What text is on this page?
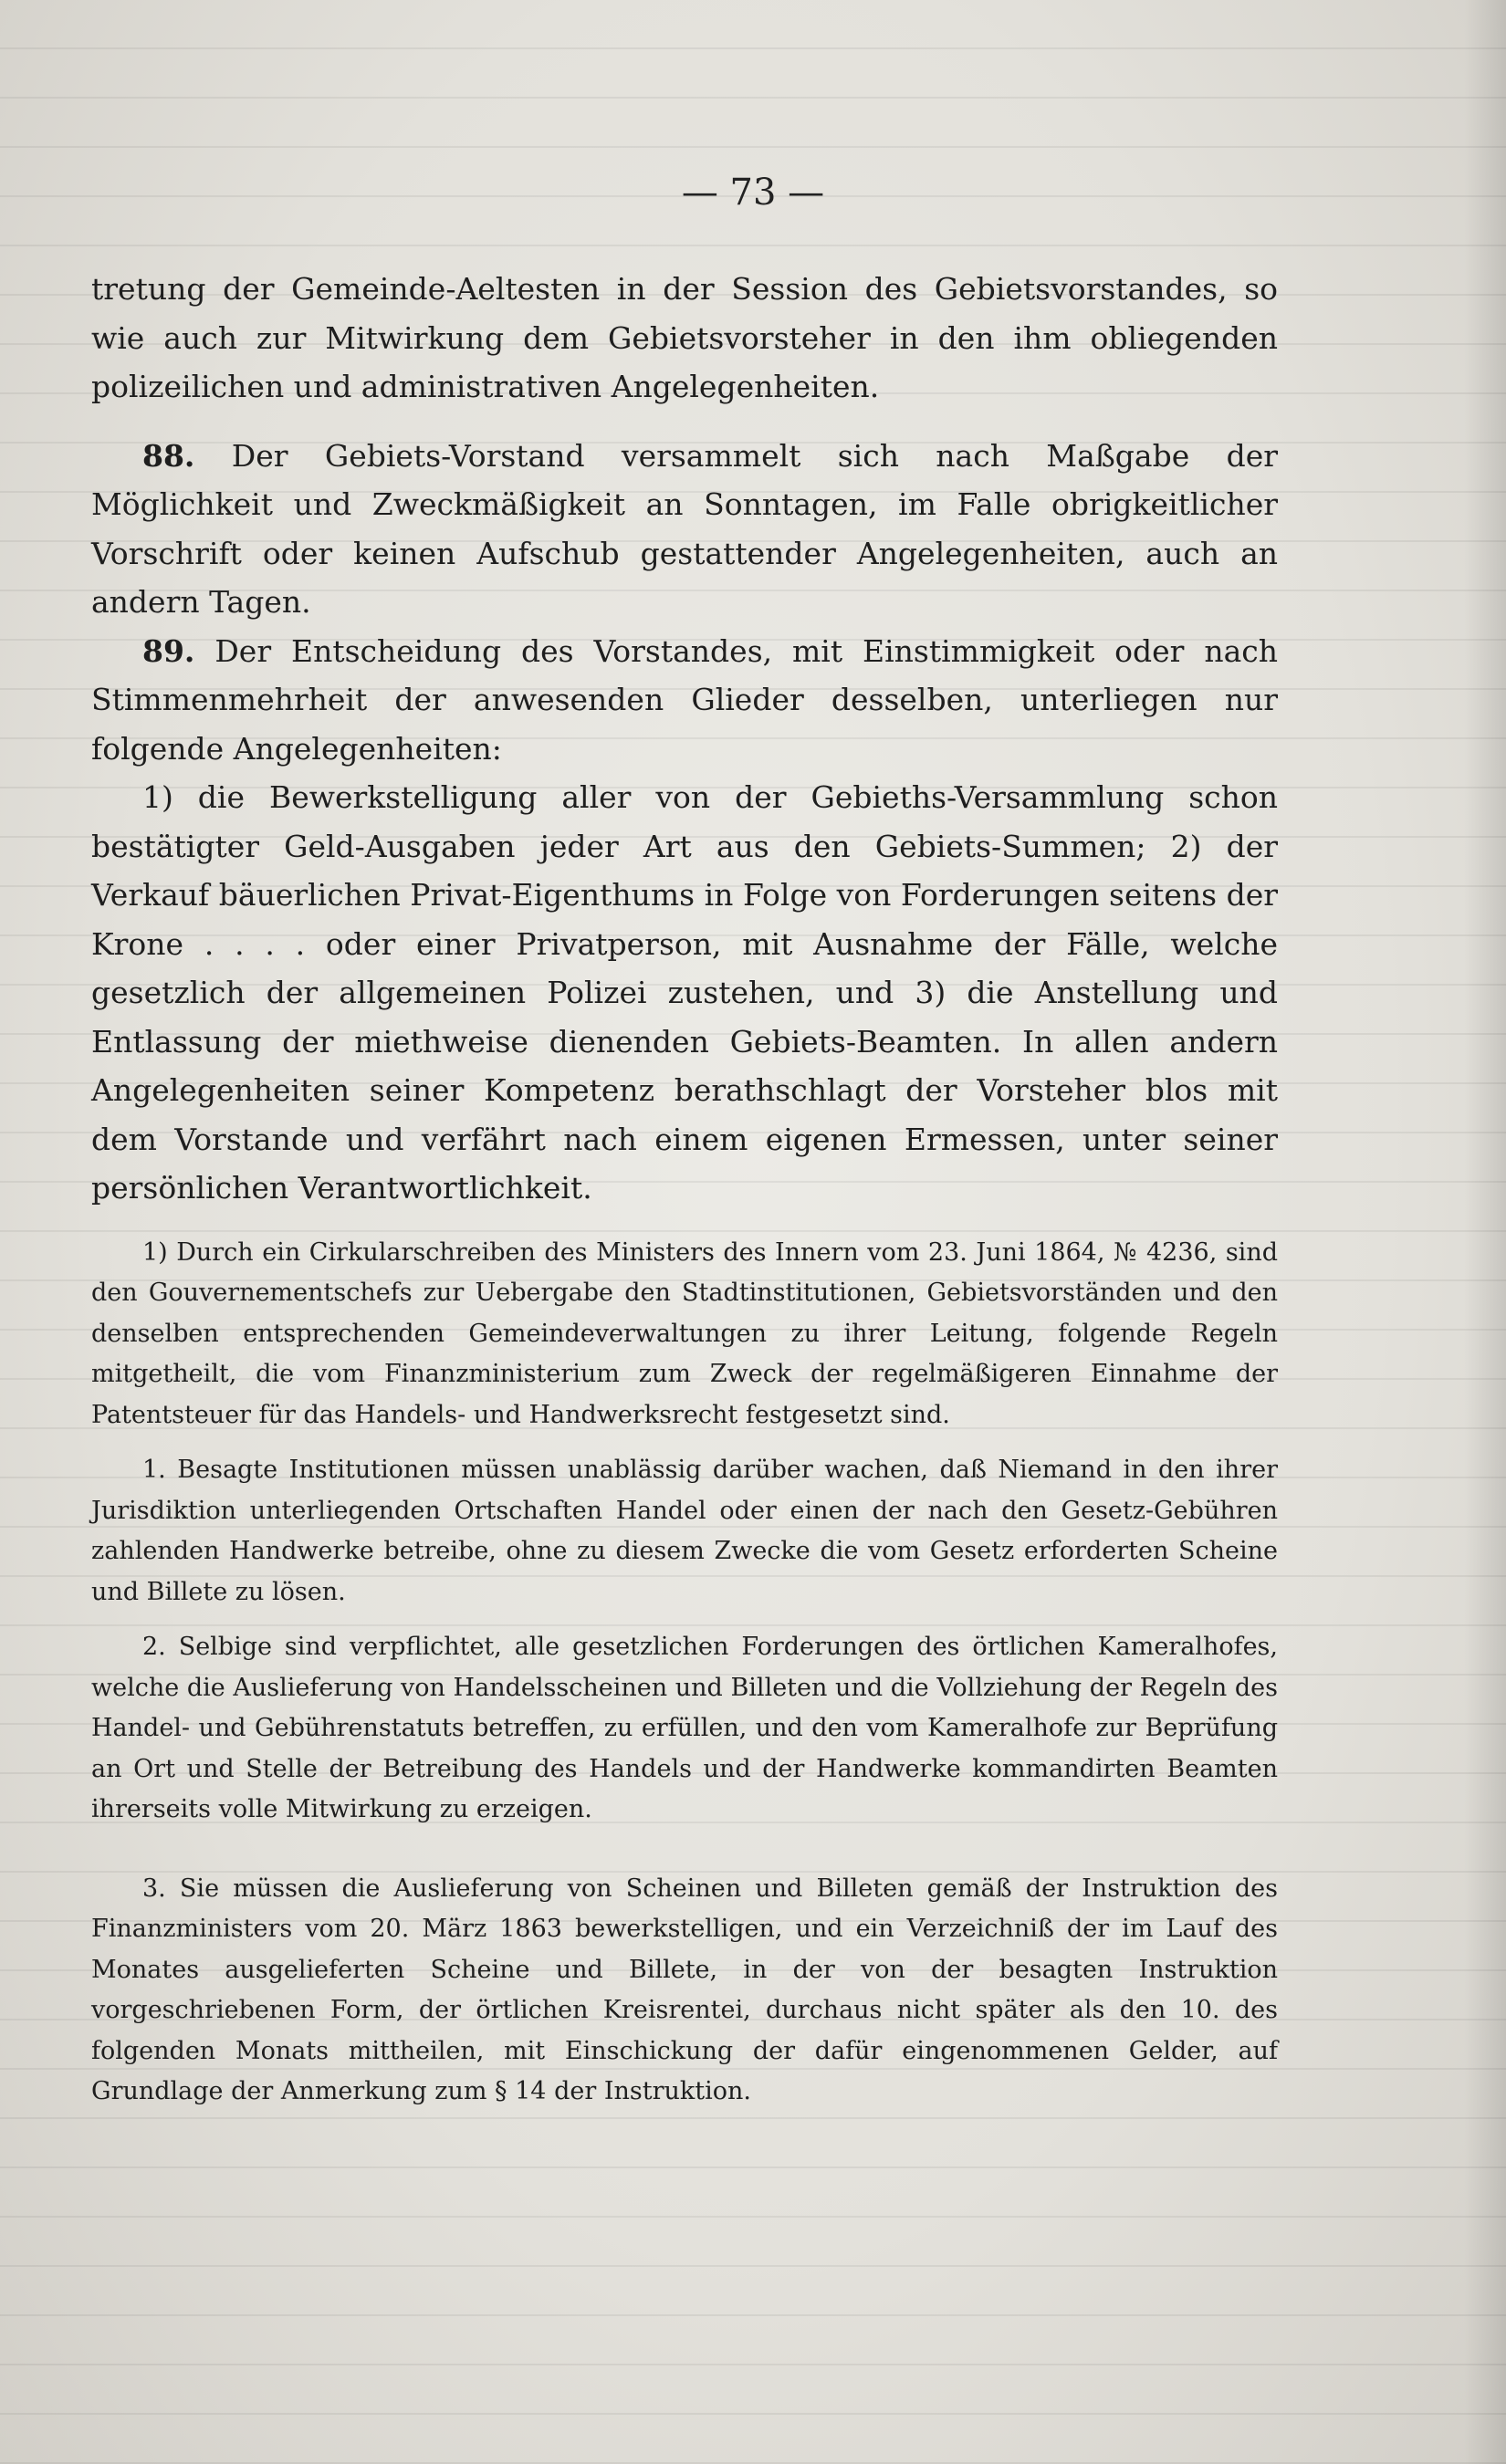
— 73 —

tretung der Gemeinde-Aeltesten in der Session des Gebietsvorstandes, so wie auch zur Mitwirkung dem Gebietsvorsteher in den ihm obliegenden polizeilichen und administrativen Angelegenheiten.

88. Der Gebiets-Vorstand versammelt sich nach Maßgabe der Möglichkeit und Zweckmäßigkeit an Sonntagen, im Falle obrigkeitlicher Vorschrift oder keinen Aufschub gestattender Angelegenheiten, auch an andern Tagen.

89. Der Entscheidung des Vorstandes, mit Einstimmigkeit oder nach Stimmenmehrheit der anwesenden Glieder desselben, unterliegen nur folgende Angelegenheiten:

1) die Bewerkstelligung aller von der Gebieths-Versammlung schon bestätigter Geld-Ausgaben jeder Art aus den Gebiets-Summen; 2) der Verkauf bäuerlichen Privat-Eigenthums in Folge von Forderungen seitens der Krone . . . . oder einer Privatperson, mit Ausnahme der Fälle, welche gesetzlich der allgemeinen Polizei zustehen, und 3) die Anstellung und Entlassung der miethweise dienenden Gebiets-Beamten. In allen andern Angelegenheiten seiner Kompetenz berathschlagt der Vorsteher blos mit dem Vorstande und verfährt nach einem eigenen Ermessen, unter seiner persönlichen Verantwortlichkeit.

1) Durch ein Cirkularschreiben des Ministers des Innern vom 23. Juni 1864, № 4236, sind den Gouvernementschefs zur Uebergabe den Stadtinstitutionen, Gebietsvorständen und den denselben entsprechenden Gemeindeverwaltungen zu ihrer Leitung, folgende Regeln mitgetheilt, die vom Finanzministerium zum Zweck der regelmäßigeren Einnahme der Patentsteuer für das Handels- und Handwerksrecht festgesetzt sind.

1. Besagte Institutionen müssen unablässig darüber wachen, daß Niemand in den ihrer Jurisdiktion unterliegenden Ortschaften Handel oder einen der nach den Gesetz-Gebühren zahlenden Handwerke betreibe, ohne zu diesem Zwecke die vom Gesetz erforderten Scheine und Billete zu lösen.

2. Selbige sind verpflichtet, alle gesetzlichen Forderungen des örtlichen Kameralhofes, welche die Auslieferung von Handelsscheinen und Billeten und die Vollziehung der Regeln des Handel- und Gebührenstatuts betreffen, zu erfüllen, und den vom Kameralhofe zur Beprüfung an Ort und Stelle der Betreibung des Handels und der Handwerke kommandirten Beamten ihrerseits volle Mitwirkung zu erzeigen.

3. Sie müssen die Auslieferung von Scheinen und Billeten gemäß der Instruktion des Finanzministers vom 20. März 1863 bewerkstelligen, und ein Verzeichniß der im Lauf des Monates ausgelieferten Scheine und Billete, in der von der besagten Instruktion vorgeschriebenen Form, der örtlichen Kreisrentei, durchaus nicht später als den 10. des folgenden Monats mittheilen, mit Einschickung der dafür eingenommenen Gelder, auf Grundlage der Anmerkung zum § 14 der Instruktion.
